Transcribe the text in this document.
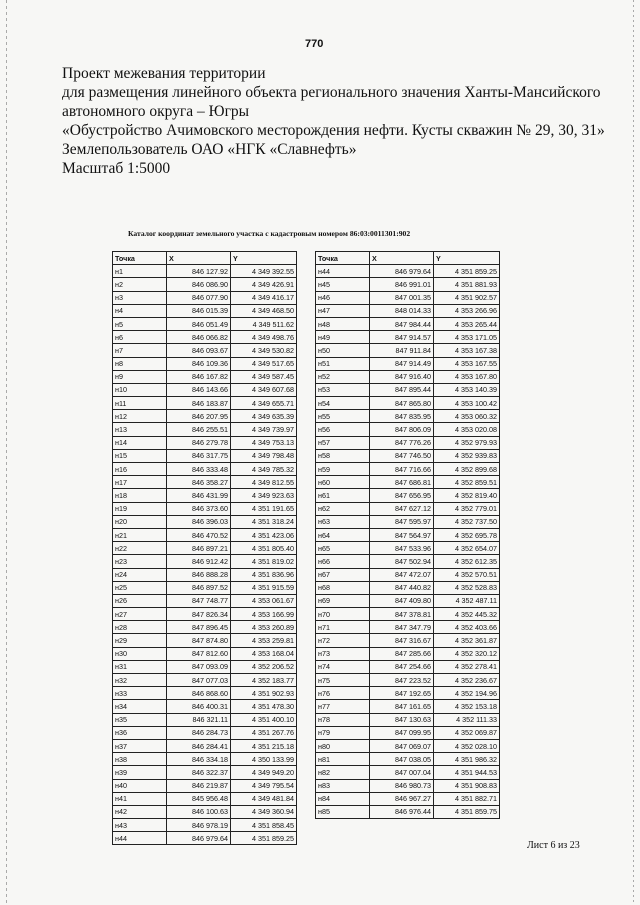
770
Проект межевания территории
для размещения линейного объекта регионального значения Ханты-Мансийского
автономного округа – Югры
«Обустройство Ачимовского месторождения нефти. Кусты скважин № 29, 30, 31»
Землепользователь ОАО «НГК «Славнефть»
Масштаб 1:5000
Каталог координат земельного участка с кадастровым номером 86:03:0011301:902
Точка	X	Y
н1	846 127.92	4 349 392.55
н2	846 086.90	4 349 426.91
н3	846 077.90	4 349 416.17
н4	846 015.39	4 349 468.50
н5	846 051.49	4 349 511.62
н6	846 066.82	4 349 498.76
н7	846 093.67	4 349 530.82
н8	846 109.36	4 349 517.65
н9	846 167.82	4 349 587.45
н10	846 143.66	4 349 607.68
н11	846 183.87	4 349 655.71
н12	846 207.95	4 349 635.39
н13	846 255.51	4 349 739.97
н14	846 279.78	4 349 753.13
н15	846 317.75	4 349 798.48
н16	846 333.48	4 349 785.32
н17	846 358.27	4 349 812.55
н18	846 431.99	4 349 923.63
н19	846 373.60	4 351 191.65
н20	846 396.03	4 351 318.24
н21	846 470.52	4 351 423.06
н22	846 897.21	4 351 805.40
н23	846 912.42	4 351 819.02
н24	846 888.28	4 351 836.96
н25	846 897.52	4 351 915.59
н26	847 748.77	4 353 061.67
н27	847 826.34	4 353 166.99
н28	847 896.45	4 353 260.89
н29	847 874.80	4 353 259.81
н30	847 812.60	4 353 168.04
н31	847 093.09	4 352 206.52
н32	847 077.03	4 352 183.77
н33	846 868.60	4 351 902.93
н34	846 400.31	4 351 478.30
н35	846 321.11	4 351 400.10
н36	846 284.73	4 351 267.76
н37	846 284.41	4 351 215.18
н38	846 334.18	4 350 133.99
н39	846 322.37	4 349 949.20
н40	846 219.87	4 349 795.54
н41	845 956.48	4 349 481.84
н42	846 100.63	4 349 360.94
н43	846 978.19	4 351 858.45
н44	846 979.64	4 351 859.25
Точка	X	Y
н44	846 979.64	4 351 859.25
н45	846 991.01	4 351 881.93
н46	847 001.35	4 351 902.57
н47	848 014.33	4 353 266.96
н48	847 984.44	4 353 265.44
н49	847 914.57	4 353 171.05
н50	847 911.84	4 353 167.38
н51	847 914.49	4 353 167.55
н52	847 916.40	4 353 167.80
н53	847 895.44	4 353 140.39
н54	847 865.80	4 353 100.42
н55	847 835.95	4 353 060.32
н56	847 806.09	4 353 020.08
н57	847 776.26	4 352 979.93
н58	847 746.50	4 352 939.83
н59	847 716.66	4 352 899.68
н60	847 686.81	4 352 859.51
н61	847 656.95	4 352 819.40
н62	847 627.12	4 352 779.01
н63	847 595.97	4 352 737.50
н64	847 564.97	4 352 695.78
н65	847 533.96	4 352 654.07
н66	847 502.94	4 352 612.35
н67	847 472.07	4 352 570.51
н68	847 440.82	4 352 528.83
н69	847 409.80	4 352 487.11
н70	847 378.81	4 352 445.32
н71	847 347.79	4 352 403.66
н72	847 316.67	4 352 361.87
н73	847 285.66	4 352 320.12
н74	847 254.66	4 352 278.41
н75	847 223.52	4 352 236.67
н76	847 192.65	4 352 194.96
н77	847 161.65	4 352 153.18
н78	847 130.63	4 352 111.33
н79	847 099.95	4 352 069.87
н80	847 069.07	4 352 028.10
н81	847 038.05	4 351 986.32
н82	847 007.04	4 351 944.53
н83	846 980.73	4 351 908.83
н84	846 967.27	4 351 882.71
н85	846 976.44	4 351 859.75
Лист 6 из 23
